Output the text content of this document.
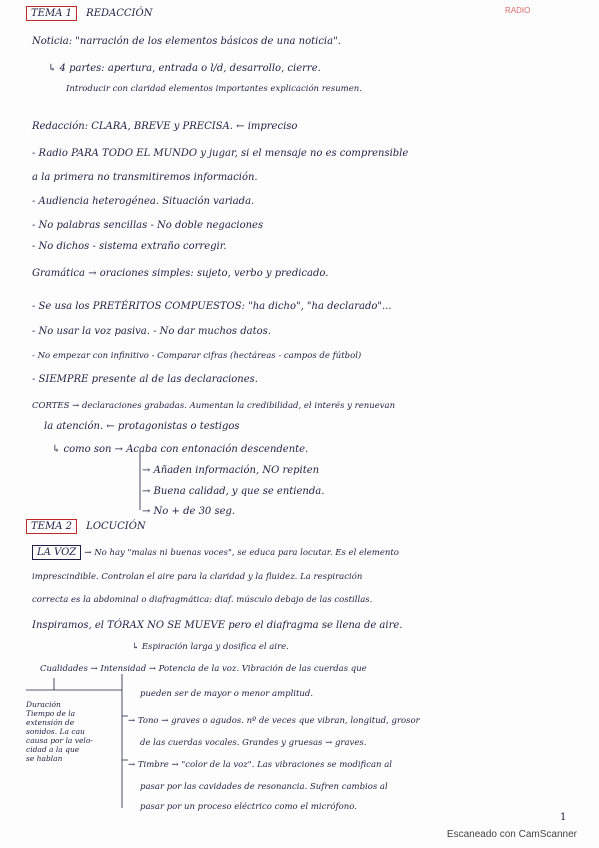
RADIO
TEMA 1 REDACCIÓN
Noticia: "narración de los elementos básicos de una noticia".
↳ 4 partes: apertura, entrada o l/d, desarrollo, cierre.
Introducir con claridad elementos importantes explicación resumen.
Redacción: CLARA, BREVE y PRECISA. ← impreciso
- Radio PARA TODO EL MUNDO y jugar, si el mensaje no es comprensible
a la primera no transmitiremos información.
- Audiencia heterogénea. Situación variada.
- No palabras sencillas - No doble negaciones
- No dichos - sistema extraño corregir.
Gramática → oraciones simples: sujeto, verbo y predicado.
- Se usa los PRETÉRITOS COMPUESTOS: "ha dicho", "ha declarado"...
- No usar la voz pasiva. - No dar muchos datos.
- No empezar con infinitivo - Comparar cifras (hectáreas - campos de fútbol)
- SIEMPRE presente al de las declaraciones.
CORTES → declaraciones grabadas. Aumentan la credibilidad, el interés y renuevan
la atención. ← protagonistas o testigos
↳ como son → Acaba con entonación descendente.
→ Añaden información, NO repiten
→ Buena calidad, y que se entienda.
→ No + de 30 seg.
TEMA 2 LOCUCIÓN
LA VOZ → No hay "malas ni buenas voces", se educa para locutar. Es el elemento
imprescindible. Controlan el aire para la claridad y la fluidez. La respiración
correcta es la abdominal o diafragmática: diaf. músculo debajo de las costillas.
Inspiramos, el TÓRAX NO SE MUEVE pero el diafragma se llena de aire.
↳ Espiración larga y dosifica el aire.
Cualidades → Intensidad → Potencia de la voz. Vibración de las cuerdas que
pueden ser de mayor o menor amplitud.
→ Tono → graves o agudos. nº de veces que vibran, longitud, grosor
de las cuerdas vocales. Grandes y gruesas → graves.
→ Timbre → "color de la voz". Las vibraciones se modifican al
pasar por las cavidades de resonancia. Sufren cambios al
pasar por un proceso eléctrico como el micrófono.
Duración
Tiempo de la
extensión de
sonidos. La cau
causa por la velo-
cidad a la que
se hablan
1
Escaneado con CamScanner
